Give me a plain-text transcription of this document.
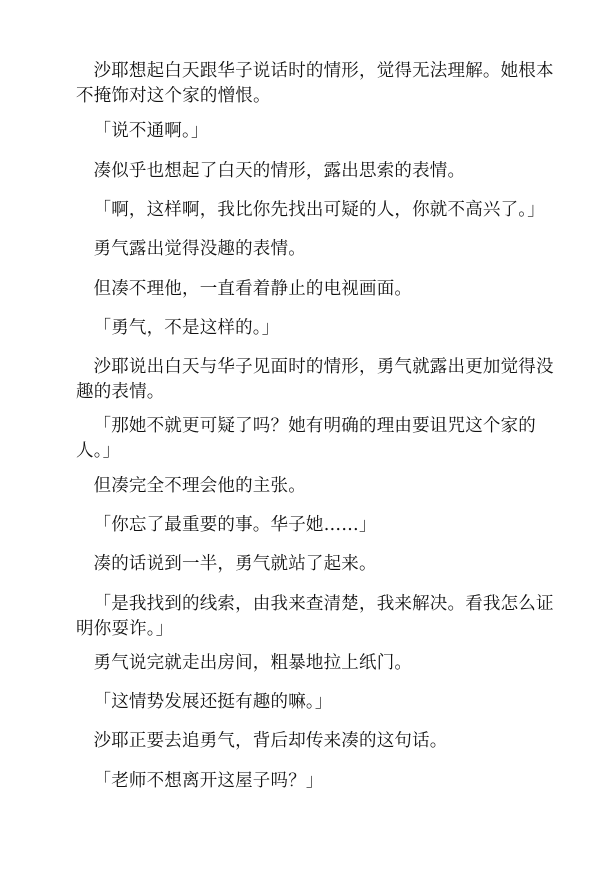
沙耶想起白天跟华子说话时的情形，觉得无法理解。她根本不掩饰对这个家的憎恨。

「说不通啊。」

凑似乎也想起了白天的情形，露出思索的表情。

「啊，这样啊，我比你先找出可疑的人，你就不高兴了。」

勇气露出觉得没趣的表情。

但凑不理他，一直看着静止的电视画面。

「勇气，不是这样的。」

沙耶说出白天与华子见面时的情形，勇气就露出更加觉得没趣的表情。

「那她不就更可疑了吗？她有明确的理由要诅咒这个家的人。」

但凑完全不理会他的主张。

「你忘了最重要的事。华子她……」

凑的话说到一半，勇气就站了起来。

「是我找到的线索，由我来查清楚，我来解决。看我怎么证明你耍诈。」

勇气说完就走出房间，粗暴地拉上纸门。

「这情势发展还挺有趣的嘛。」

沙耶正要去追勇气，背后却传来凑的这句话。

「老师不想离开这屋子吗？」
